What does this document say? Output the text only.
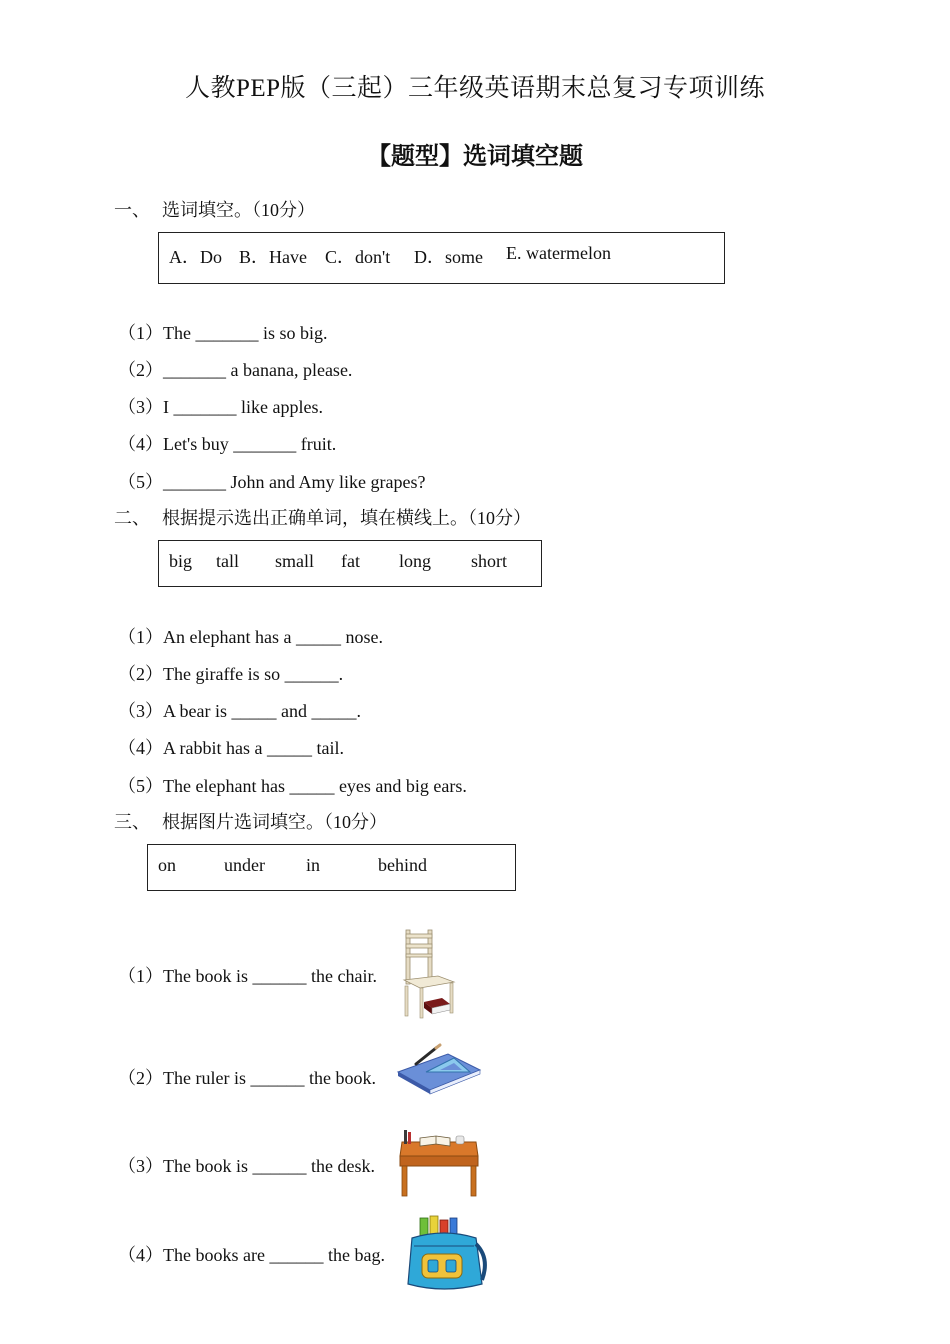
人教PEP版（三起）三年级英语期末总复习专项训练
【题型】选词填空题
一、 选词填空。（10分）
A．Do B．Have C．don't D．some E. watermelon
（1）The _______ is so big.
（2）_______ a banana, please.
（3）I _______ like apples.
（4）Let's buy _______ fruit.
（5）_______ John and Amy like grapes?
二、 根据提示选出正确单词，填在横线上。（10分）
big tall small fat long short
（1）An elephant has a _____ nose.
（2）The giraffe is so ______.
（3）A bear is _____ and _____.
（4）A rabbit has a _____ tail.
（5）The elephant has _____ eyes and big ears.
三、 根据图片选词填空。（10分）
on	under in	behind
（1）The book is ______ the chair.
（2）The ruler is ______ the book.
（3）The book is ______ the desk.
（4）The books are ______ the bag.
